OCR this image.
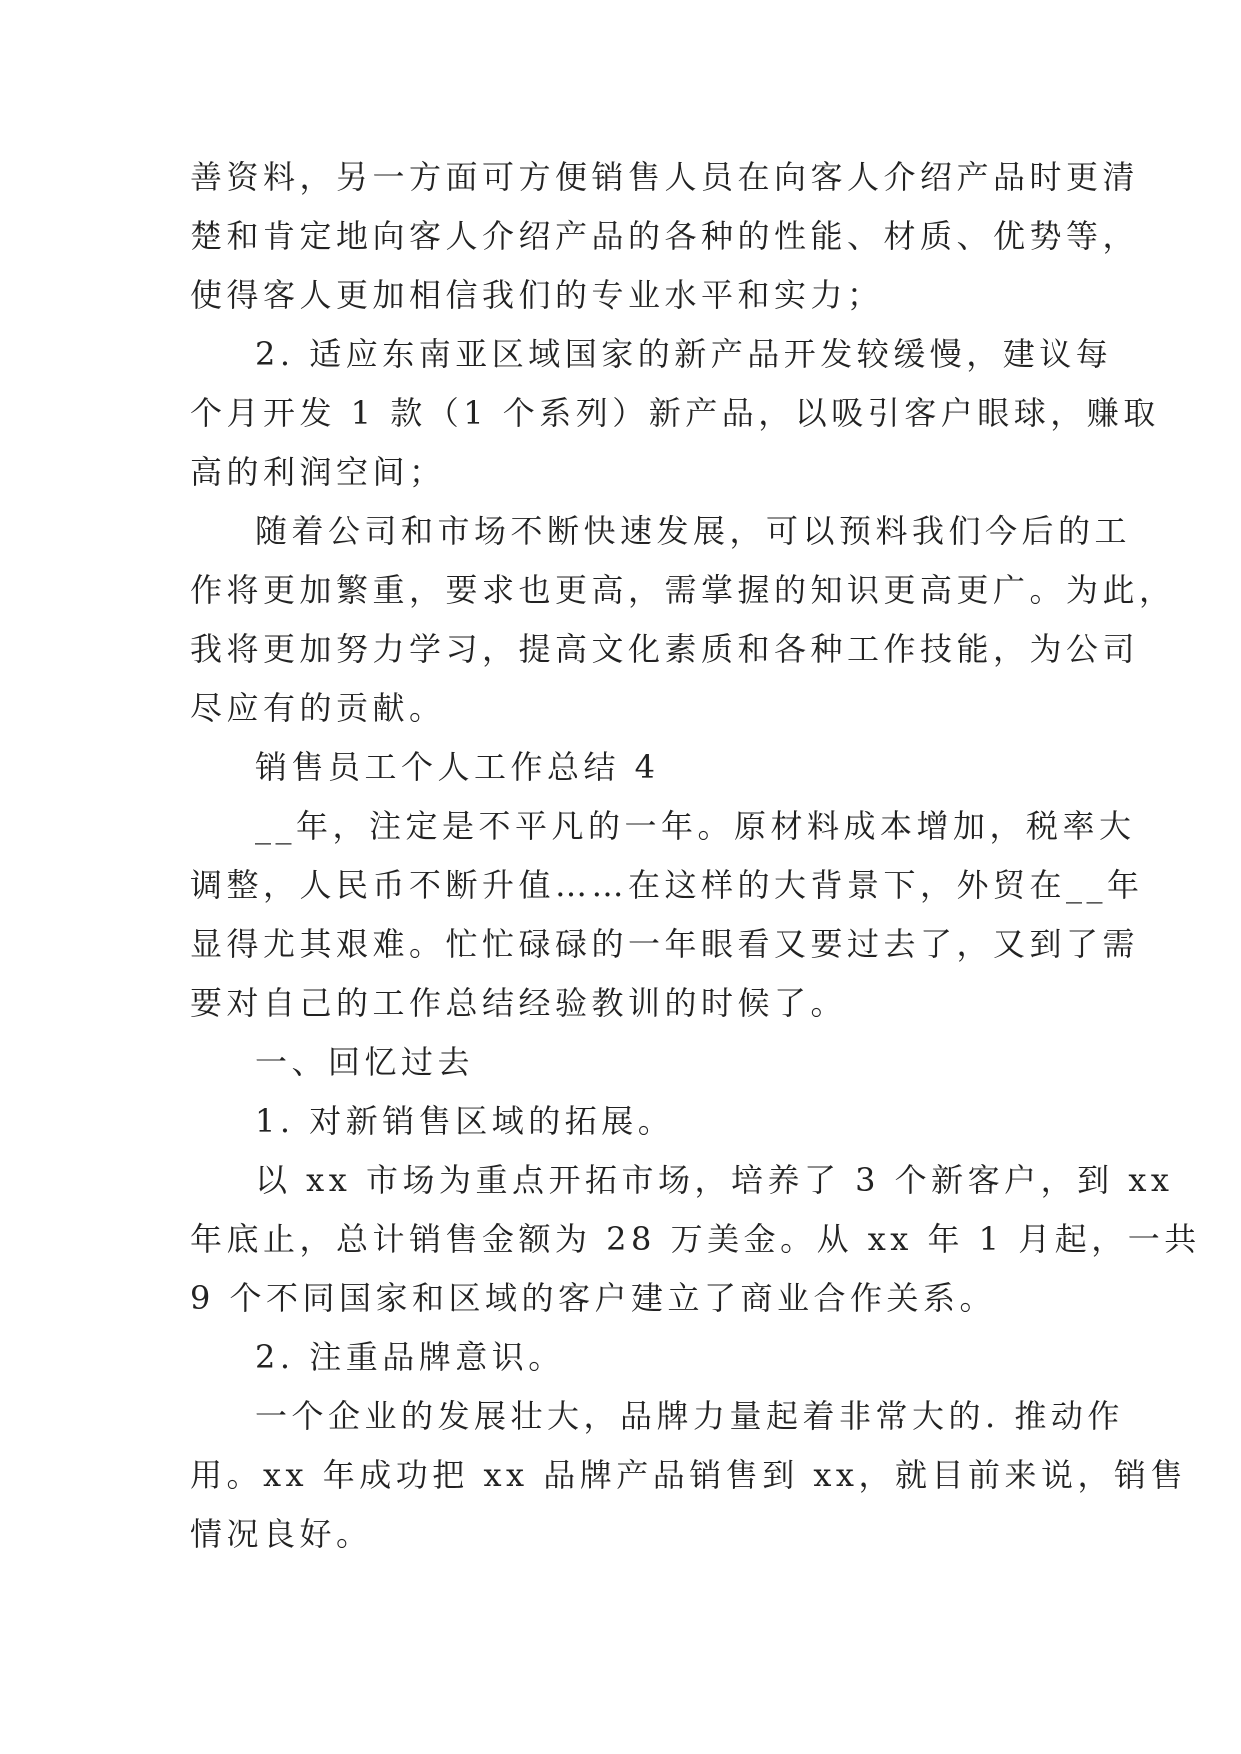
善资料，另一方面可方便销售人员在向客人介绍产品时更清
楚和肯定地向客人介绍产品的各种的性能、材质、优势等，
使得客人更加相信我们的专业水平和实力；
2. 适应东南亚区域国家的新产品开发较缓慢，建议每
个月开发 1 款（1 个系列）新产品，以吸引客户眼球，赚取
高的利润空间；
随着公司和市场不断快速发展，可以预料我们今后的工
作将更加繁重，要求也更高，需掌握的知识更高更广。为此，
我将更加努力学习，提高文化素质和各种工作技能，为公司
尽应有的贡献。
销售员工个人工作总结 4
__年，注定是不平凡的一年。原材料成本增加，税率大
调整，人民币不断升值……在这样的大背景下，外贸在__年
显得尤其艰难。忙忙碌碌的一年眼看又要过去了，又到了需
要对自己的工作总结经验教训的时候了。
一、回忆过去
1. 对新销售区域的拓展。
以 xx 市场为重点开拓市场，培养了 3 个新客户，到 xx
年底止，总计销售金额为 28 万美金。从 xx 年 1 月起，一共
9 个不同国家和区域的客户建立了商业合作关系。
2. 注重品牌意识。
一个企业的发展壮大，品牌力量起着非常大的. 推动作
用。xx 年成功把 xx 品牌产品销售到 xx，就目前来说，销售
情况良好。
